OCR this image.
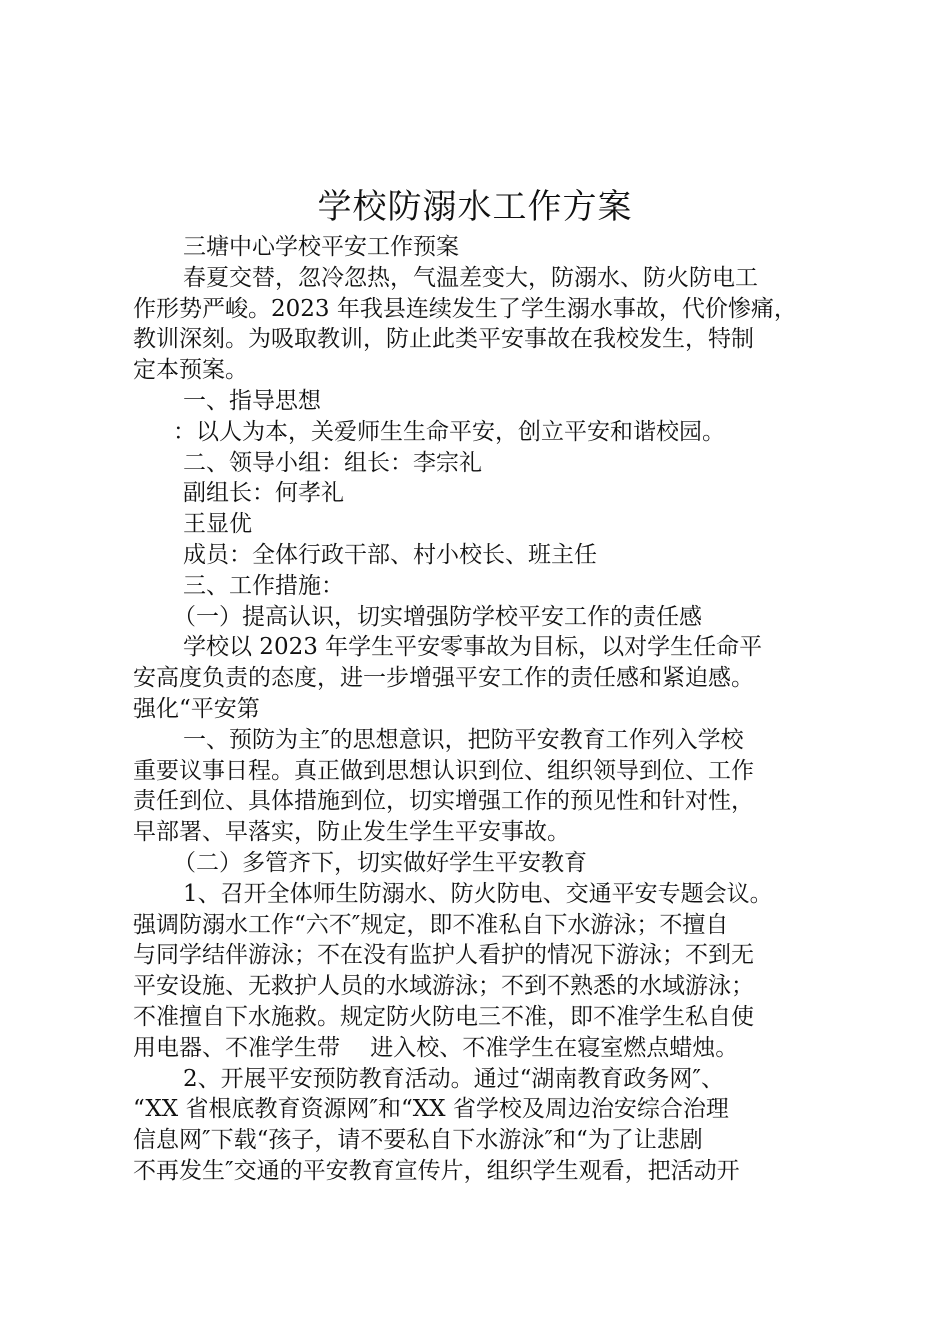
学校防溺水工作方案
三塘中心学校平安工作预案
春夏交替，忽冷忽热，气温差变大，防溺水、防火防电工
作形势严峻。2023 年我县连续发生了学生溺水事故，代价惨痛，
教训深刻。为吸取教训，防止此类平安事故在我校发生，特制
定本预案。
一、指导思想
：以人为本，关爱师生生命平安，创立平安和谐校园。
二、领导小组：组长：李宗礼
副组长：何孝礼
王显优
成员：全体行政干部、村小校长、班主任
三、工作措施：
（一）提高认识，切实增强防学校平安工作的责任感
学校以 2023 年学生平安零事故为目标，以对学生任命平
安高度负责的态度，进一步增强平安工作的责任感和紧迫感。
强化“平安第
一、预防为主″的思想意识，把防平安教育工作列入学校
重要议事日程。真正做到思想认识到位、组织领导到位、工作
责任到位、具体措施到位，切实增强工作的预见性和针对性，
早部署、早落实，防止发生学生平安事故。
（二）多管齐下，切实做好学生平安教育
1、召开全体师生防溺水、防火防电、交通平安专题会议。
强调防溺水工作“六不″规定，即不准私自下水游泳；不擅自
与同学结伴游泳；不在没有监护人看护的情况下游泳；不到无
平安设施、无救护人员的水域游泳；不到不熟悉的水域游泳；
不准擅自下水施救。规定防火防电三不准，即不准学生私自使
用电器、不准学生带　 进入校、不准学生在寝室燃点蜡烛。
2、开展平安预防教育活动。通过“湖南教育政务网″、
“XX 省根底教育资源网″和“XX 省学校及周边治安综合治理
信息网″下载“孩子，请不要私自下水游泳″和“为了让悲剧
不再发生″交通的平安教育宣传片，组织学生观看，把活动开
